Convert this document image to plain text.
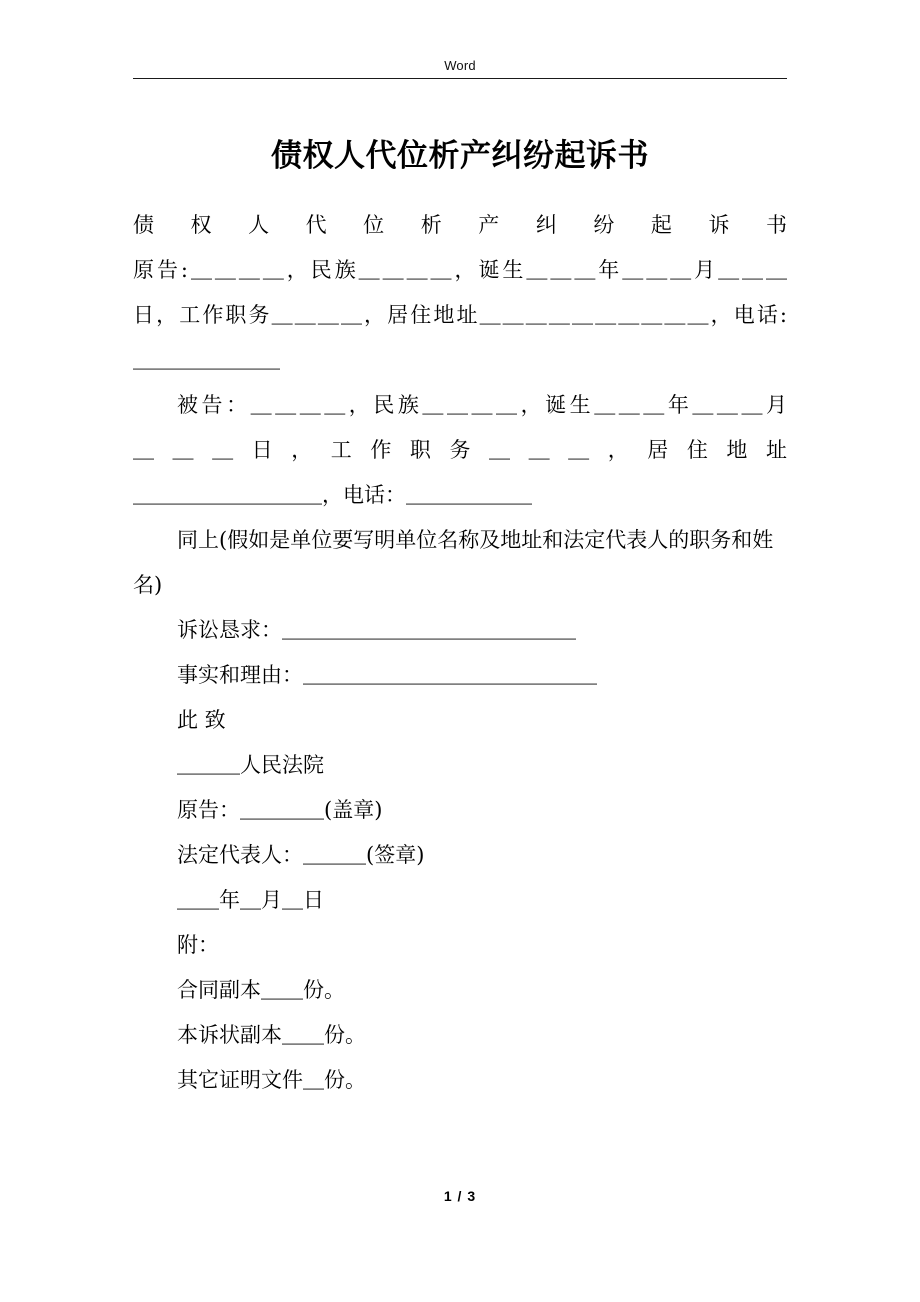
Word
债权人代位析产纠纷起诉书

债权人代位析产纠纷起诉书

原告:＿＿＿＿，民族＿＿＿＿，诞生＿＿＿年＿＿＿月＿＿＿

日，工作职务＿＿＿＿，居住地址＿＿＿＿＿＿＿＿＿＿，电话:

＿＿＿＿＿＿＿

被告：＿＿＿＿，民族＿＿＿＿，诞生＿＿＿年＿＿＿月

＿＿＿日，工作职务＿＿＿，居住地址

＿＿＿＿＿＿＿＿＿，电话：＿＿＿＿＿＿

同上(假如是单位要写明单位名称及地址和法定代表人的职务和姓名)

诉讼恳求：＿＿＿＿＿＿＿＿＿＿＿＿＿＿

事实和理由：＿＿＿＿＿＿＿＿＿＿＿＿＿＿

此 致

＿＿＿人民法院

原告：＿＿＿＿(盖章)

法定代表人：＿＿＿(签章)

＿＿年＿月＿日

附：

合同副本＿＿份。

本诉状副本＿＿份。

其它证明文件＿份。

1 / 3
